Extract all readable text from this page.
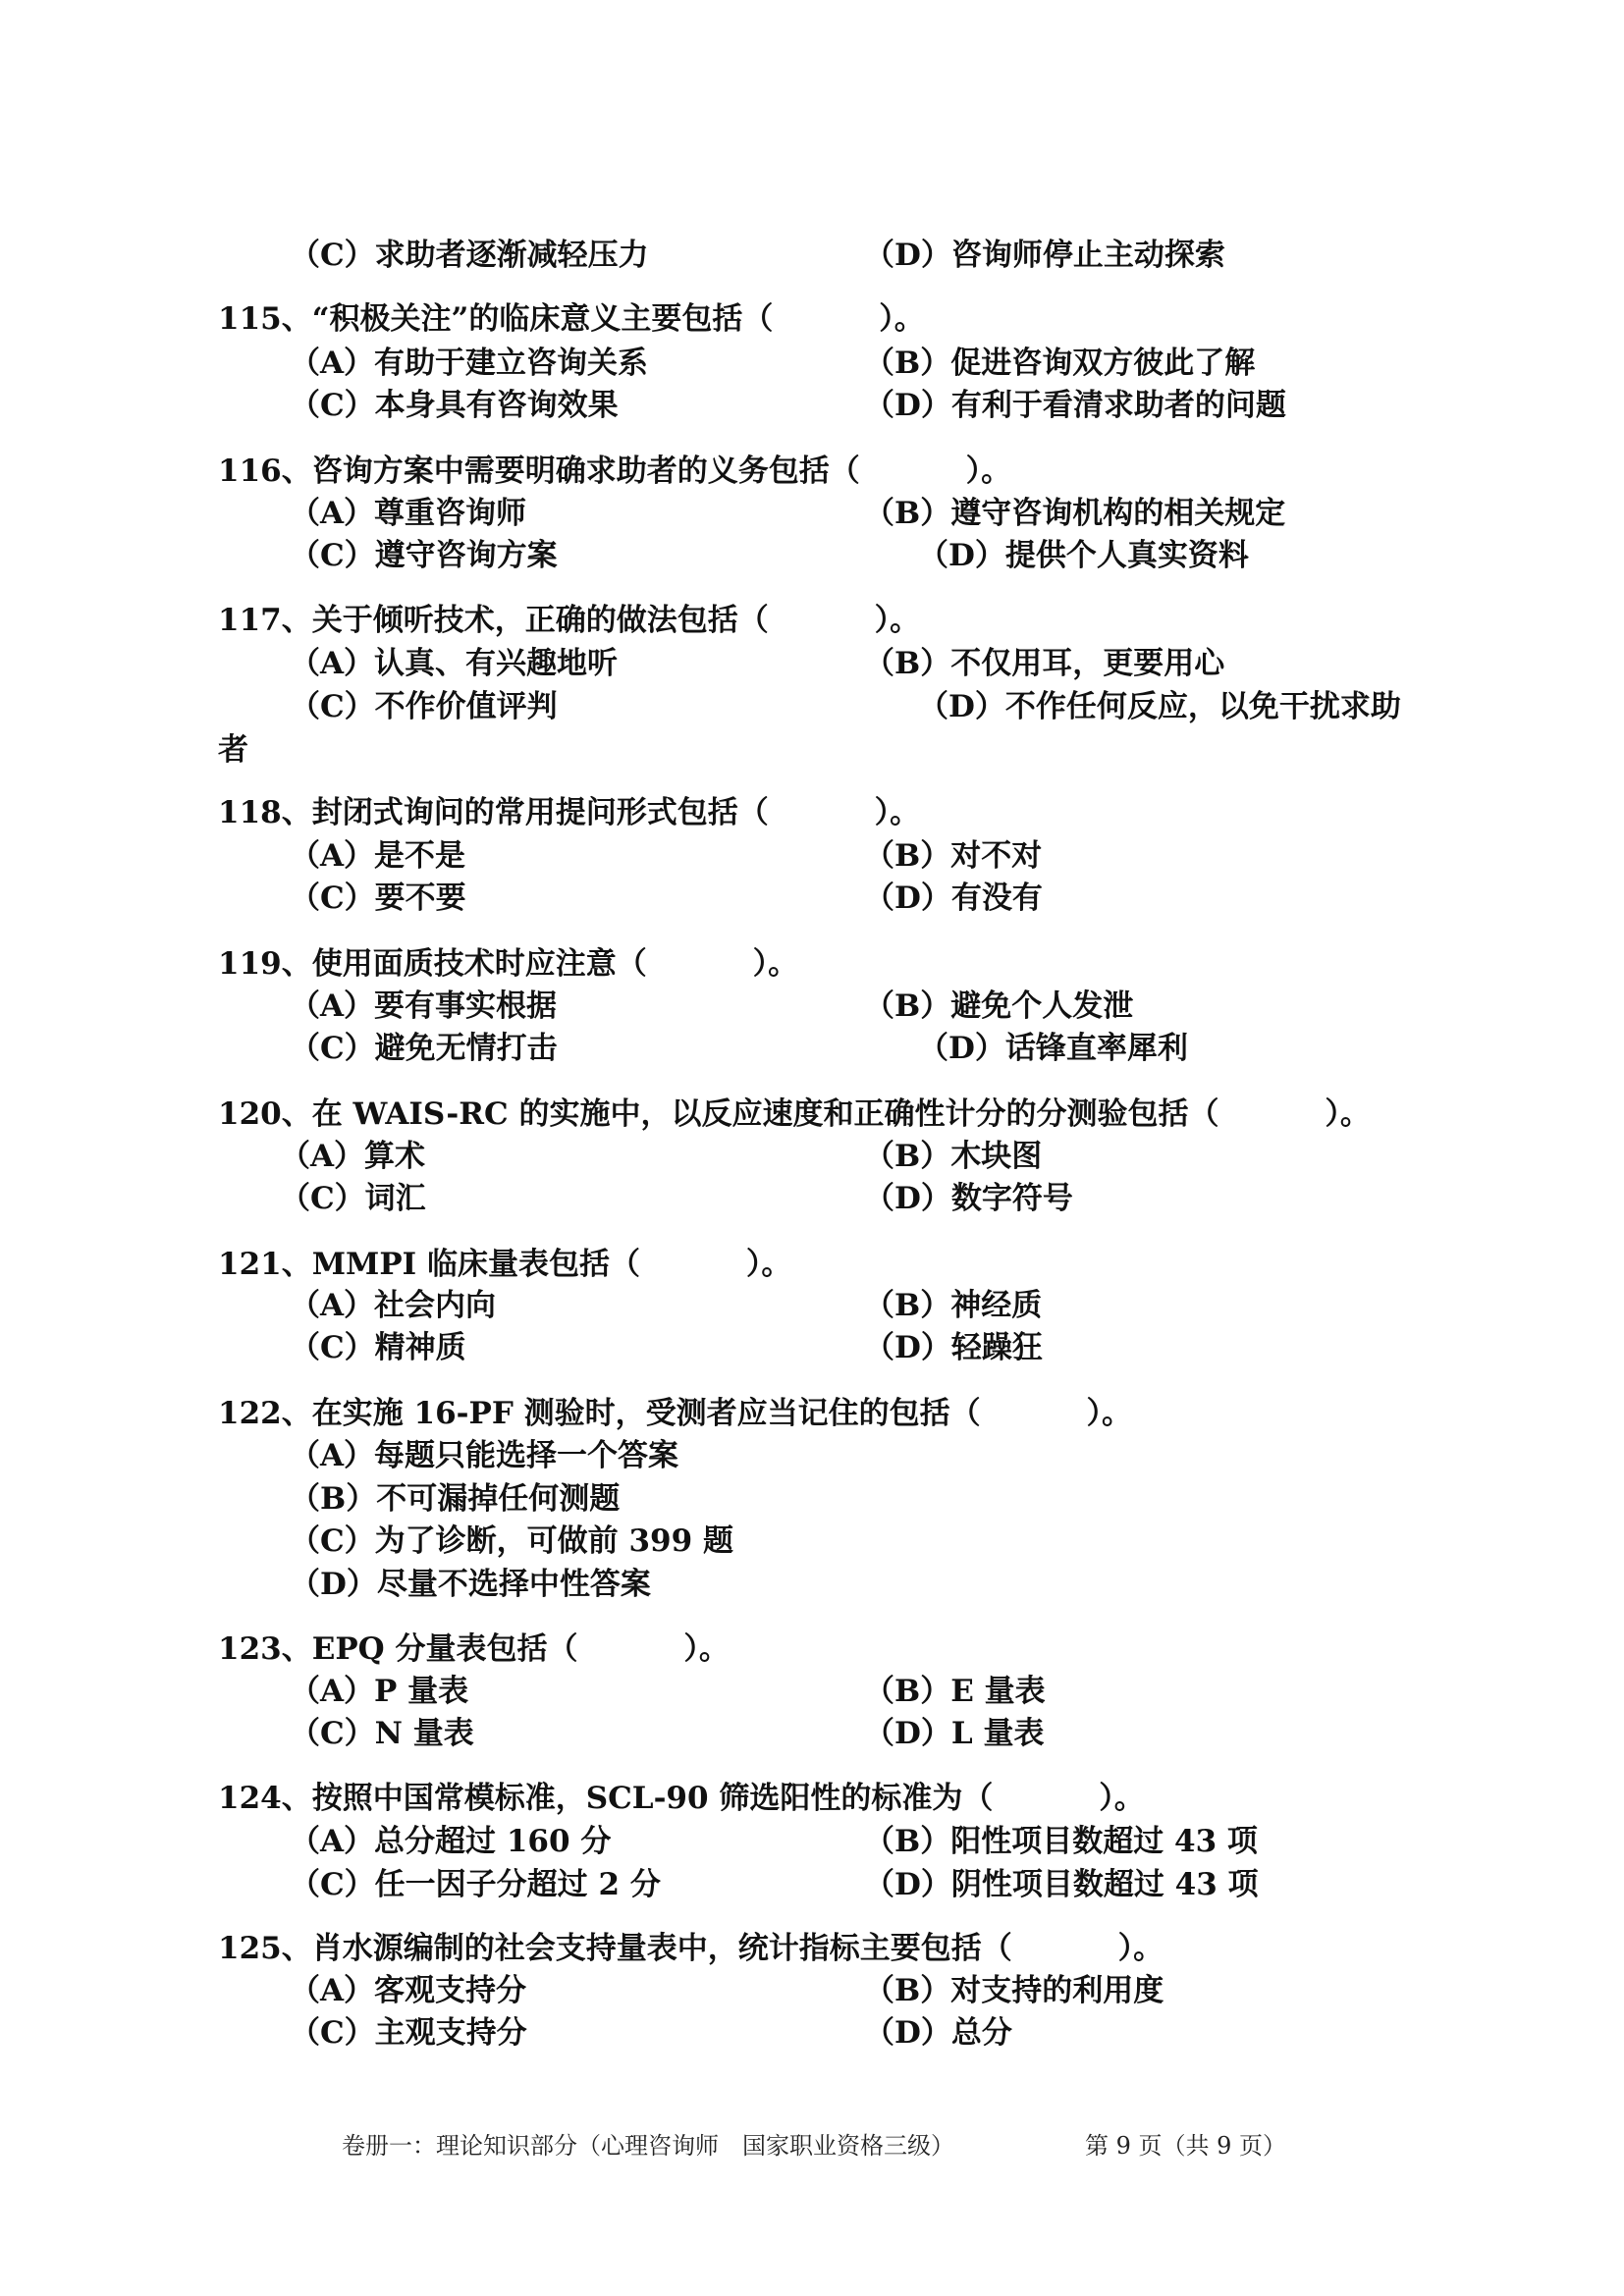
（C）求助者逐渐减轻压力	（D）咨询师停止主动探索
115、“积极关注”的临床意义主要包括（          ）。
（A）有助于建立咨询关系	（B）促进咨询双方彼此了解
（C）本身具有咨询效果	（D）有利于看清求助者的问题
116、咨询方案中需要明确求助者的义务包括（          ）。
（A）尊重咨询师	（B）遵守咨询机构的相关规定
（C）遵守咨询方案	（D）提供个人真实资料
117、关于倾听技术，正确的做法包括（          ）。
（A）认真、有兴趣地听	（B）不仅用耳，更要用心
（C）不作价值评判	（D）不作任何反应，以免干扰求助
者
118、封闭式询问的常用提问形式包括（          ）。
（A）是不是	（B）对不对
（C）要不要	（D）有没有
119、使用面质技术时应注意（          ）。
（A）要有事实根据	（B）避免个人发泄
（C）避免无情打击	（D）话锋直率犀利
120、在 WAIS-RC 的实施中，以反应速度和正确性计分的分测验包括（          ）。
（A）算术	（B）木块图
（C）词汇	（D）数字符号
121、MMPI 临床量表包括（          ）。
（A）社会内向	（B）神经质
（C）精神质	（D）轻躁狂
122、在实施 16-PF 测验时，受测者应当记住的包括（          ）。
（A）每题只能选择一个答案
（B）不可漏掉任何测题
（C）为了诊断，可做前 399 题
（D）尽量不选择中性答案
123、EPQ 分量表包括（          ）。
（A）P 量表	（B）E 量表
（C）N 量表	（D）L 量表
124、按照中国常模标准，SCL-90 筛选阳性的标准为（          ）。
（A）总分超过 160 分	（B）阳性项目数超过 43 项
（C）任一因子分超过 2 分	（D）阴性项目数超过 43 项
125、肖水源编制的社会支持量表中，统计指标主要包括（          ）。
（A）客观支持分	（B）对支持的利用度
（C）主观支持分	（D）总分
卷册一：理论知识部分（心理咨询师　国家职业资格三级）	第 9 页（共 9 页）
